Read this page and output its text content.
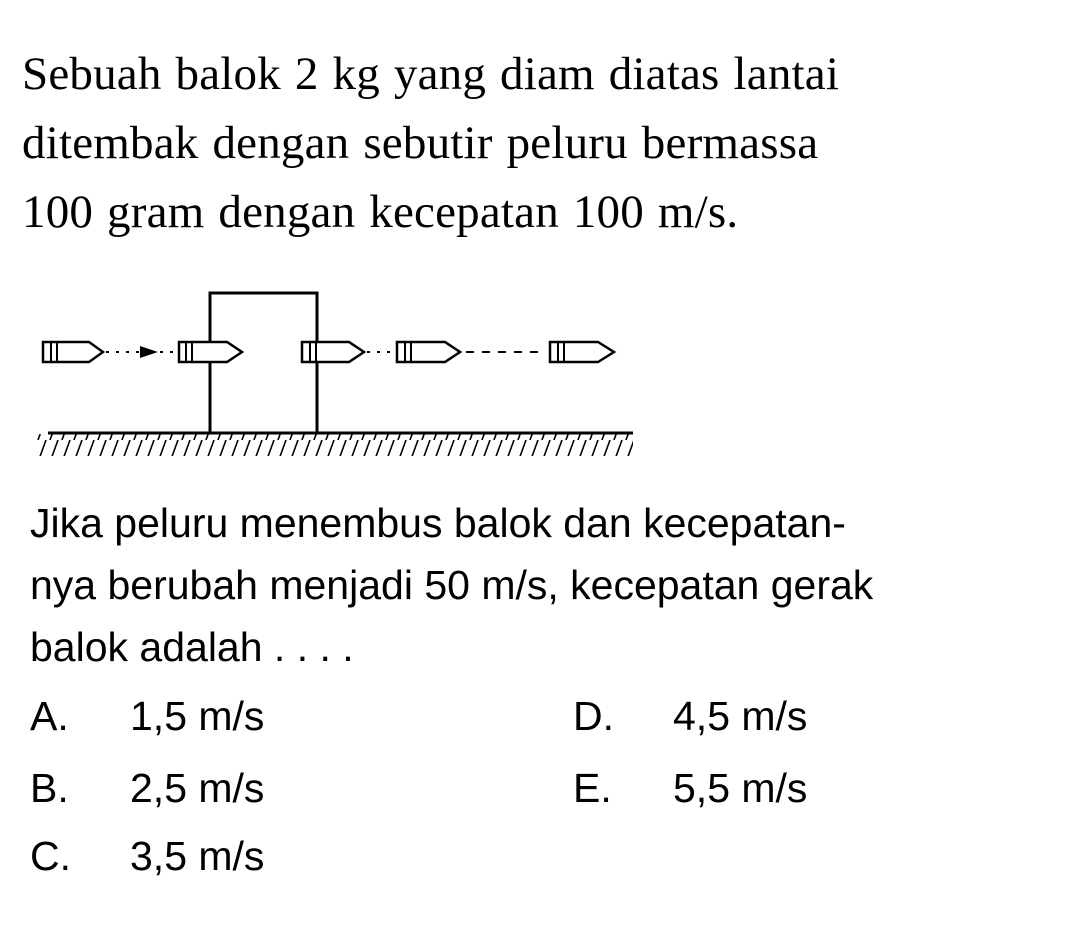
Sebuah balok 2 kg yang diam diatas lantai
ditembak dengan sebutir peluru bermassa
100 gram dengan kecepatan 100 m/s.
Jika peluru menembus balok dan kecepatan-
nya berubah menjadi 50 m/s, kecepatan gerak
balok adalah . . . .
A. 1,5 m/s
B. 2,5 m/s
C. 3,5 m/s
D. 4,5 m/s
E. 5,5 m/s
